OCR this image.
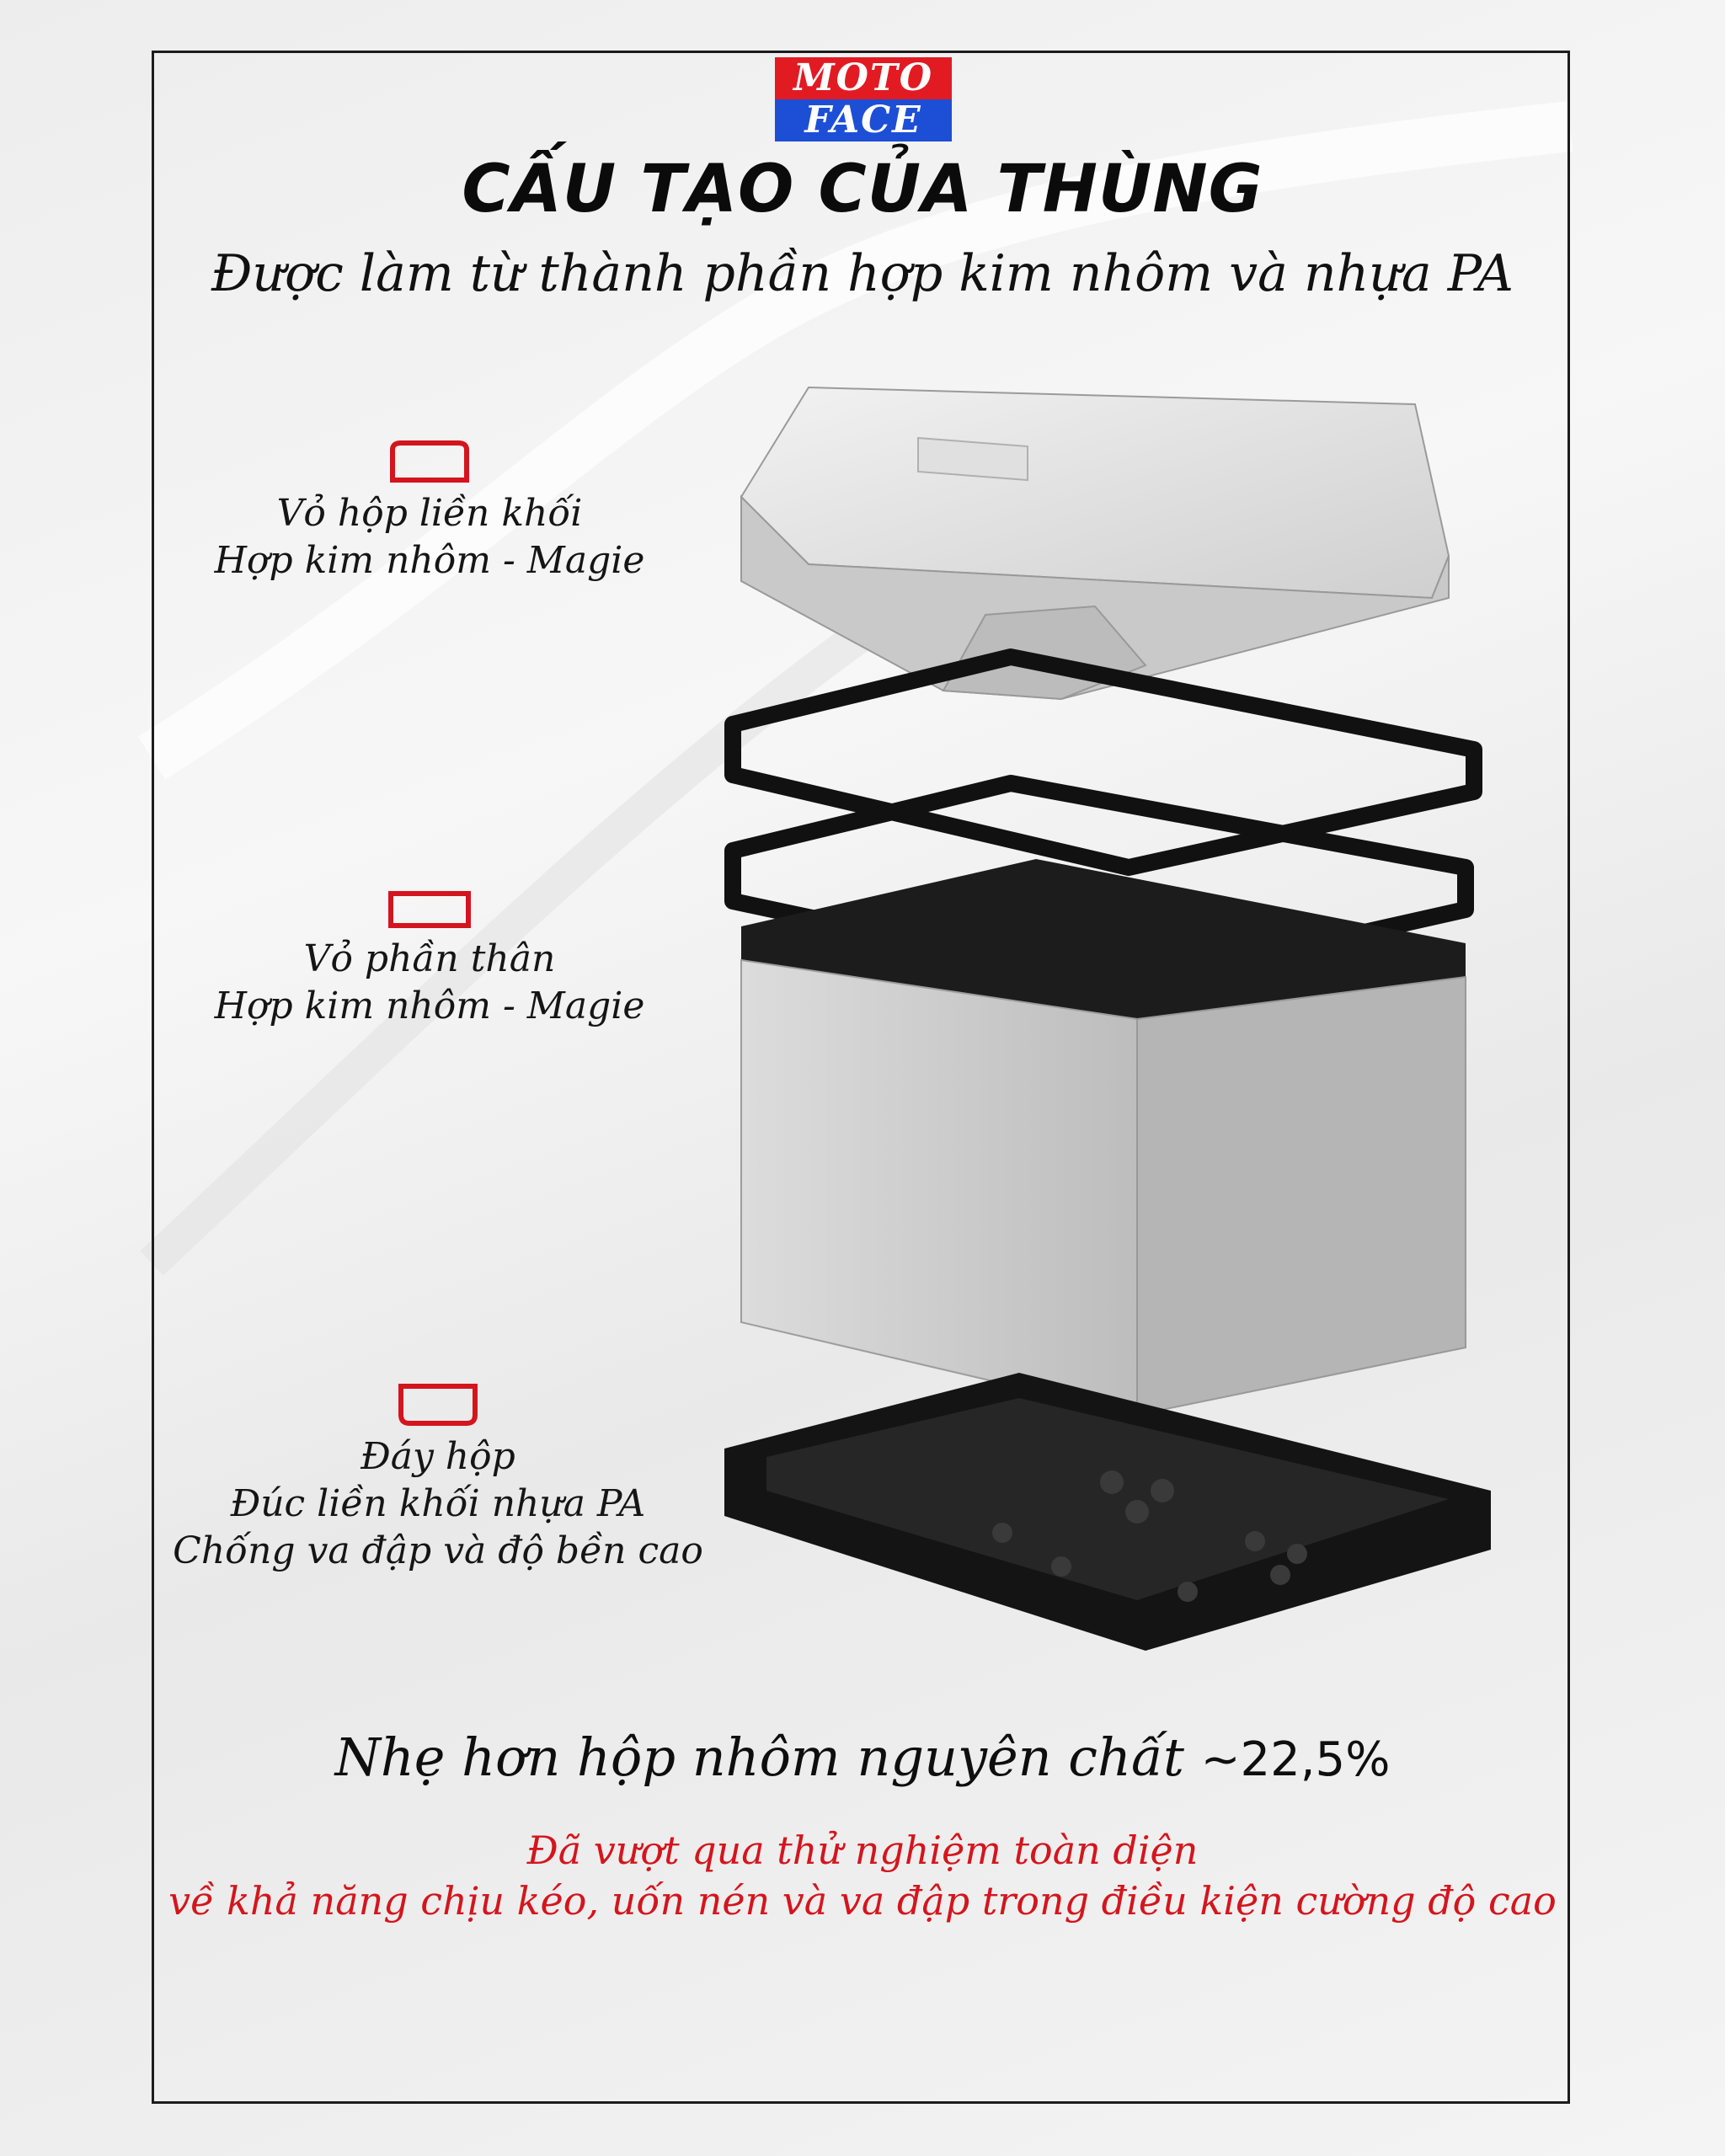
MOTO
FACE
CẤU TẠO CỦA THÙNG
Được làm từ thành phần hợp kim nhôm và nhựa PA
Vỏ hộp liền khối
Hợp kim nhôm - Magie
Vỏ phần thân
Hợp kim nhôm - Magie
Đáy hộp
Đúc liền khối nhựa PA
Chống va đập và độ bền cao
Nhẹ hơn hộp nhôm nguyên chất ~22,5%
Đã vượt qua thử nghiệm toàn diện
về khả năng chịu kéo, uốn nén và va đập trong điều kiện cường độ cao
